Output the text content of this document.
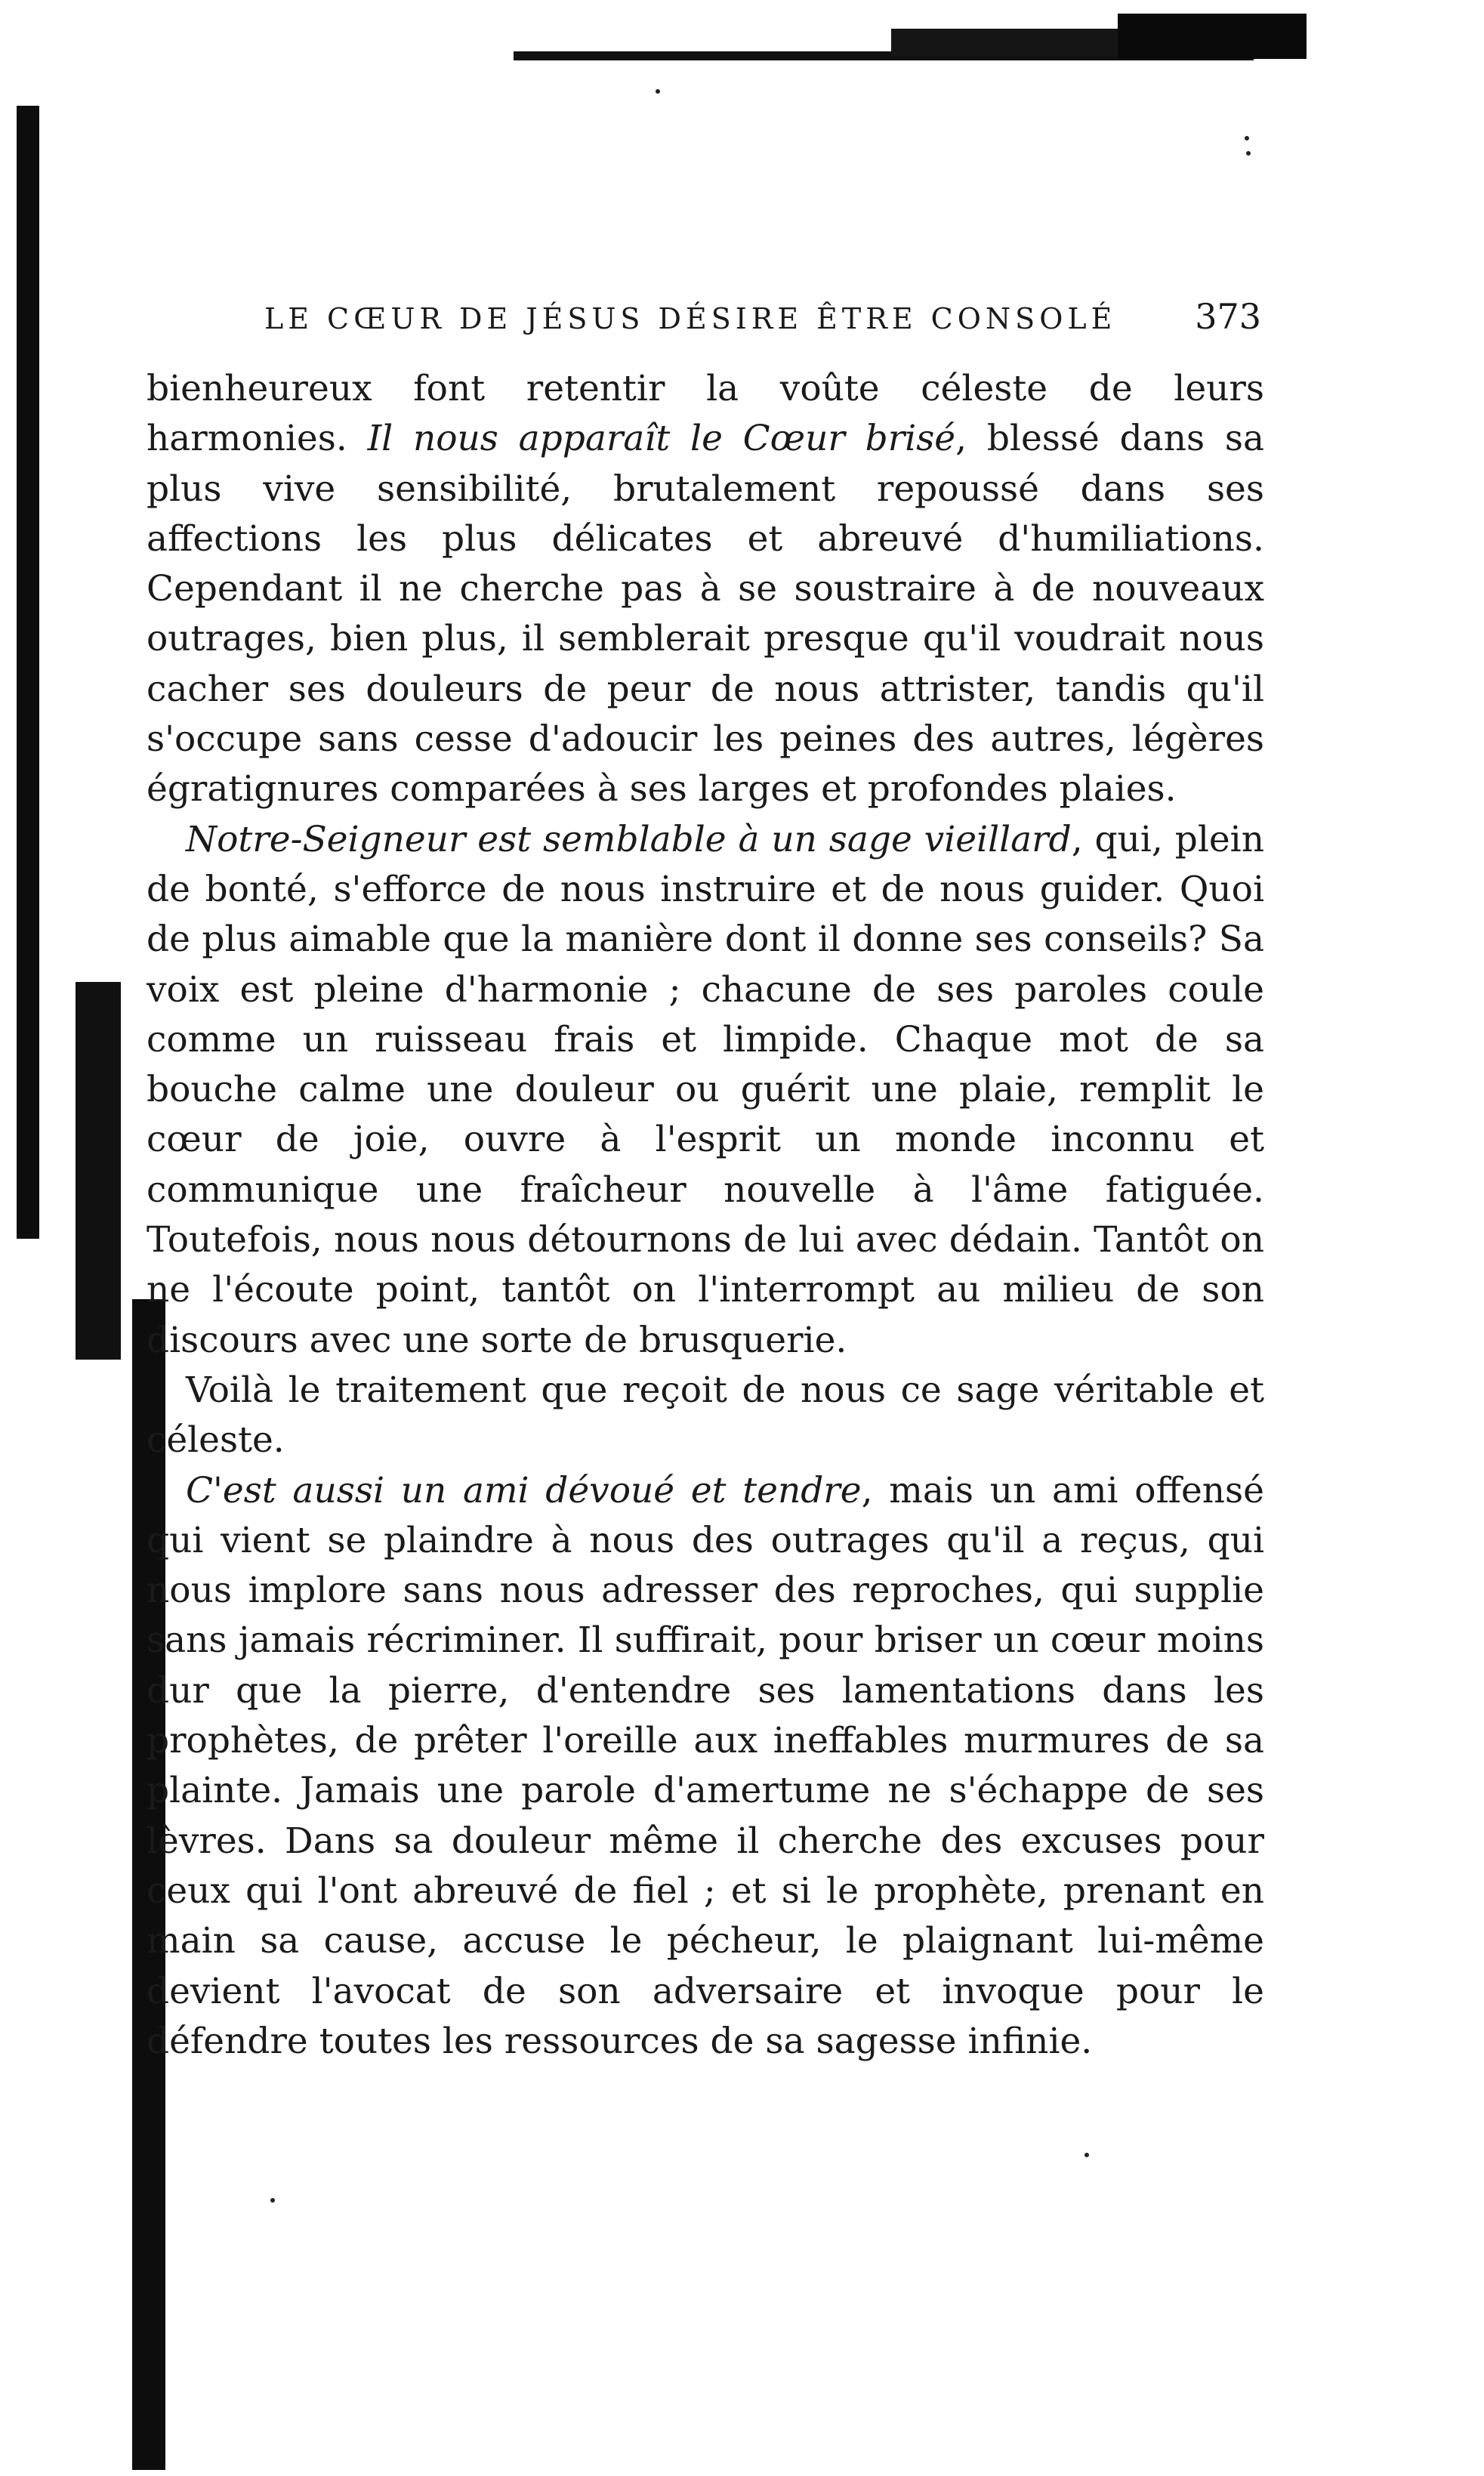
LE CŒUR DE JÉSUS DÉSIRE ÊTRE CONSOLÉ 373

bienheureux font retentir la voûte céleste de leurs harmonies. Il nous apparaît le Cœur brisé, blessé dans sa plus vive sensibilité, brutalement repoussé dans ses affections les plus délicates et abreuvé d'humiliations. Cependant il ne cherche pas à se soustraire à de nouveaux outrages, bien plus, il semblerait presque qu'il voudrait nous cacher ses douleurs de peur de nous attrister, tandis qu'il s'occupe sans cesse d'adoucir les peines des autres, légères égratignures comparées à ses larges et profondes plaies.

Notre-Seigneur est semblable à un sage vieillard, qui, plein de bonté, s'efforce de nous instruire et de nous guider. Quoi de plus aimable que la manière dont il donne ses conseils? Sa voix est pleine d'harmonie ; chacune de ses paroles coule comme un ruisseau frais et limpide. Chaque mot de sa bouche calme une douleur ou guérit une plaie, remplit le cœur de joie, ouvre à l'esprit un monde inconnu et communique une fraîcheur nouvelle à l'âme fatiguée. Toutefois, nous nous détournons de lui avec dédain. Tantôt on ne l'écoute point, tantôt on l'interrompt au milieu de son discours avec une sorte de brusquerie.

Voilà le traitement que reçoit de nous ce sage véritable et céleste.

C'est aussi un ami dévoué et tendre, mais un ami offensé qui vient se plaindre à nous des outrages qu'il a reçus, qui nous implore sans nous adresser des reproches, qui supplie sans jamais récriminer. Il suffirait, pour briser un cœur moins dur que la pierre, d'entendre ses lamentations dans les prophètes, de prêter l'oreille aux ineffables murmures de sa plainte. Jamais une parole d'amertume ne s'échappe de ses lèvres. Dans sa douleur même il cherche des excuses pour ceux qui l'ont abreuvé de fiel ; et si le prophète, prenant en main sa cause, accuse le pécheur, le plaignant lui-même devient l'avocat de son adversaire et invoque pour le défendre toutes les ressources de sa sagesse infinie.
